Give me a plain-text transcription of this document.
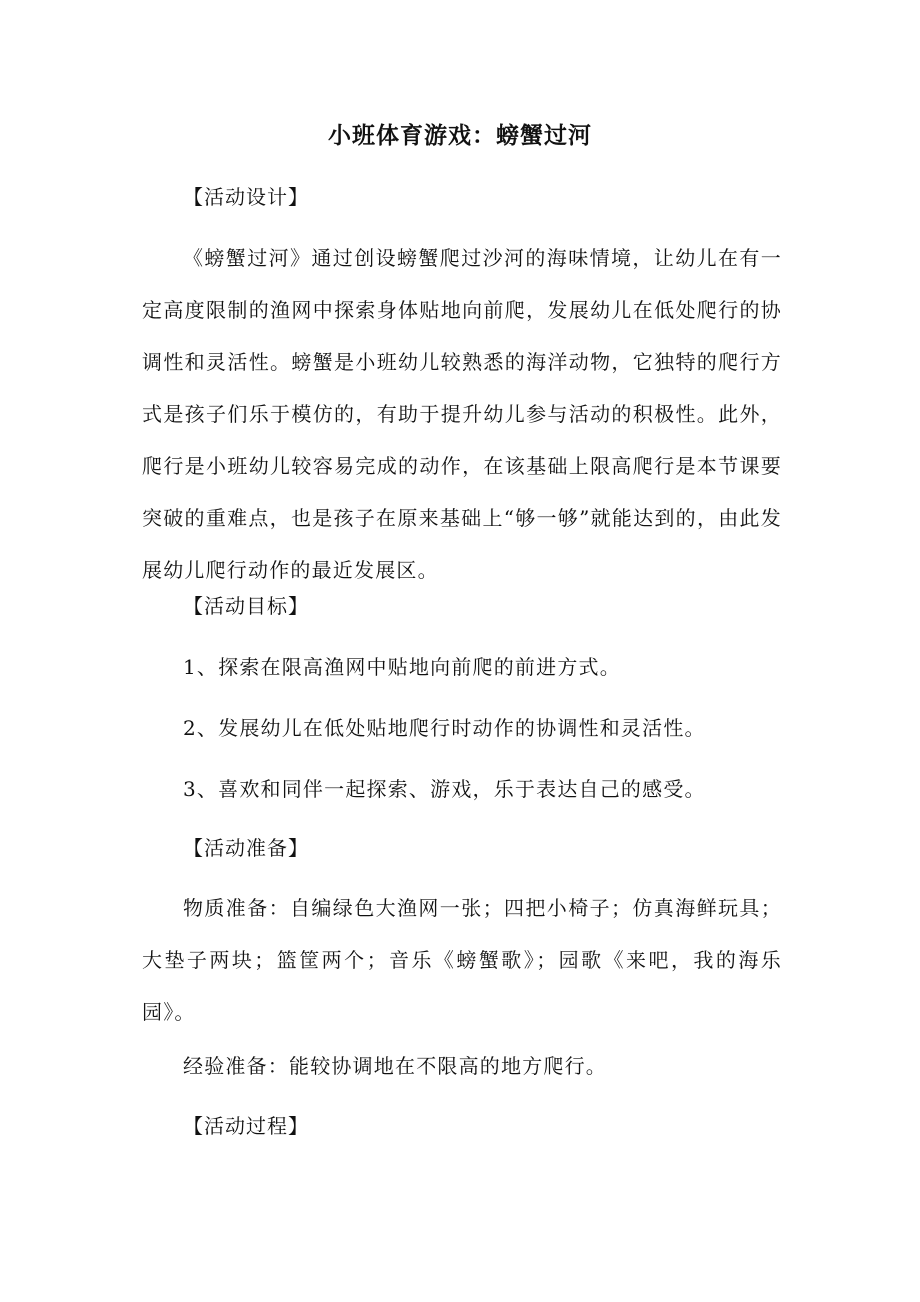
小班体育游戏：螃蟹过河
【活动设计】

《螃蟹过河》通过创设螃蟹爬过沙河的海味情境，让幼儿在有一定高度限制的渔网中探索身体贴地向前爬，发展幼儿在低处爬行的协调性和灵活性。螃蟹是小班幼儿较熟悉的海洋动物，它独特的爬行方式是孩子们乐于模仿的，有助于提升幼儿参与活动的积极性。此外，爬行是小班幼儿较容易完成的动作，在该基础上限高爬行是本节课要突破的重难点，也是孩子在原来基础上“够一够”就能达到的，由此发展幼儿爬行动作的最近发展区。

【活动目标】
1、探索在限高渔网中贴地向前爬的前进方式。
2、发展幼儿在低处贴地爬行时动作的协调性和灵活性。
3、喜欢和同伴一起探索、游戏，乐于表达自己的感受。
【活动准备】

物质准备：自编绿色大渔网一张；四把小椅子；仿真海鲜玩具；大垫子两块；篮筐两个；音乐《螃蟹歌》；园歌《来吧，我的海乐园》。

经验准备：能较协调地在不限高的地方爬行。

【活动过程】
